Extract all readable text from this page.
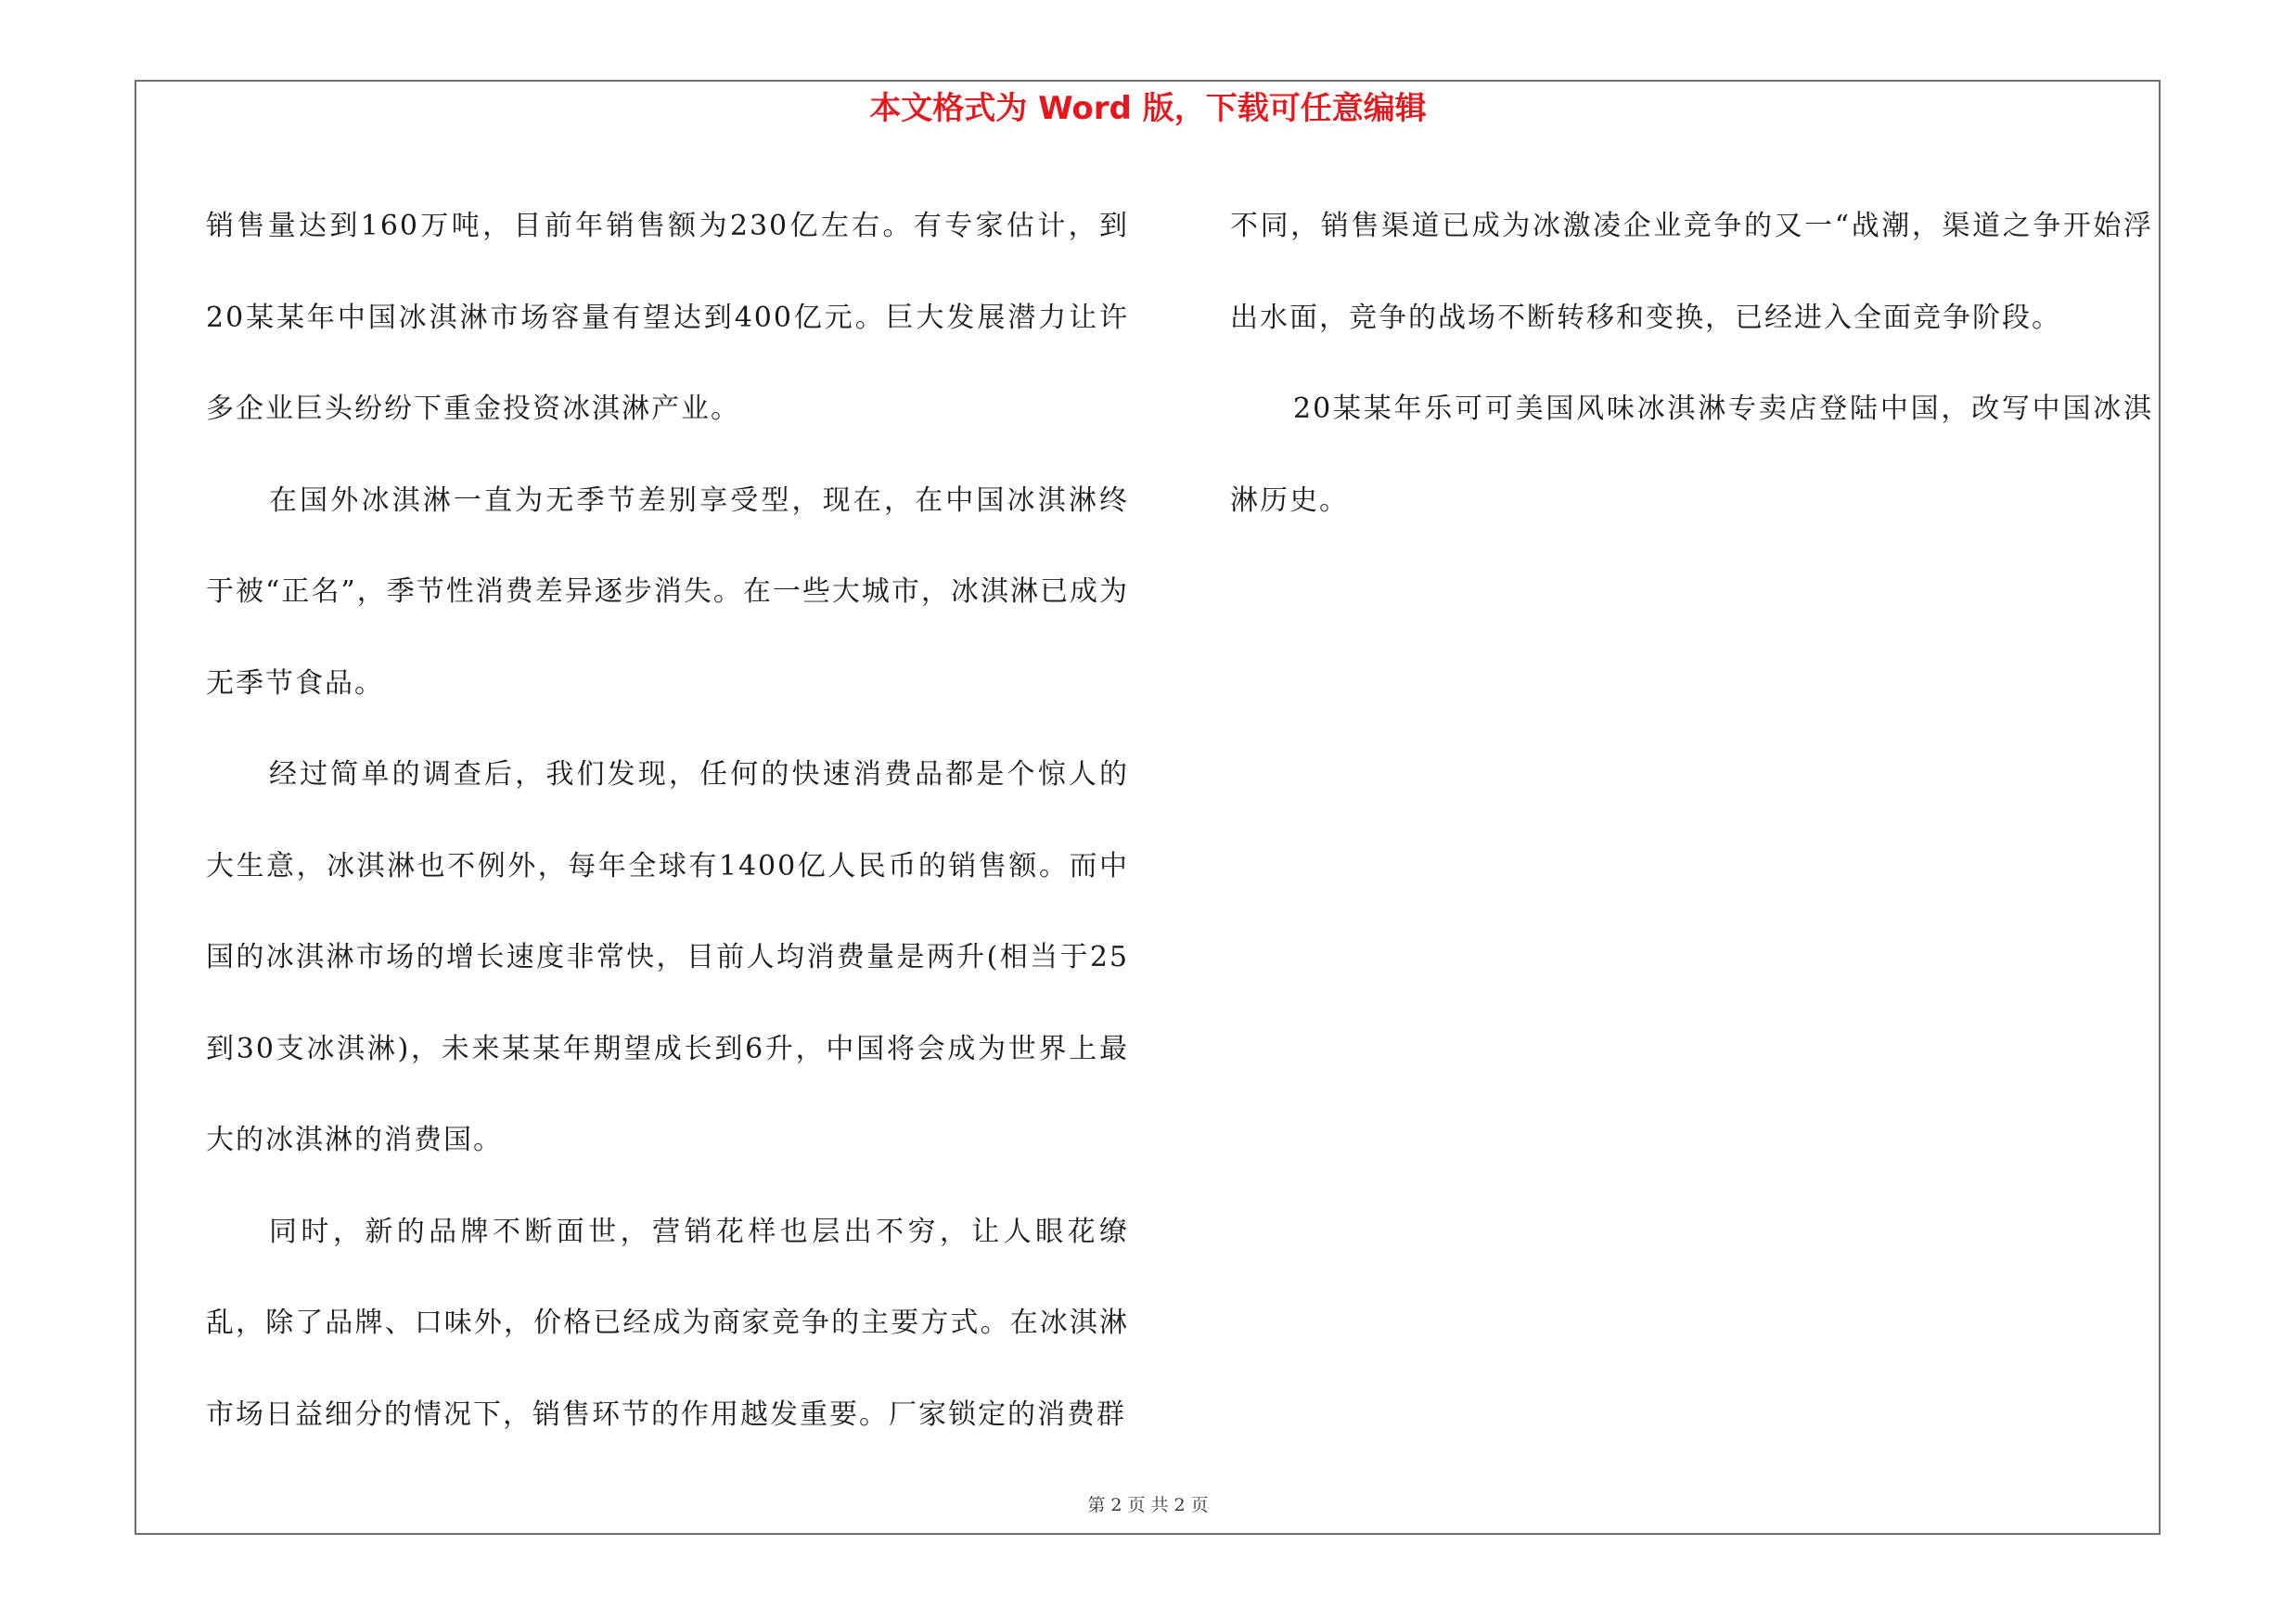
本文格式为 Word 版，下载可任意编辑

销售量达到160万吨，目前年销售额为230亿左右。有专家估计，到20某某年中国冰淇淋市场容量有望达到400亿元。巨大发展潜力让许多企业巨头纷纷下重金投资冰淇淋产业。

在国外冰淇淋一直为无季节差别享受型，现在，在中国冰淇淋终于被“正名”，季节性消费差异逐步消失。在一些大城市，冰淇淋已成为无季节食品。

经过简单的调查后，我们发现，任何的快速消费品都是个惊人的大生意，冰淇淋也不例外，每年全球有1400亿人民币的销售额。而中国的冰淇淋市场的增长速度非常快，目前人均消费量是两升(相当于25到30支冰淇淋)，未来某某年期望成长到6升，中国将会成为世界上最大的冰淇淋的消费国。

同时，新的品牌不断面世，营销花样也层出不穷，让人眼花缭乱，除了品牌、口味外，价格已经成为商家竞争的主要方式。在冰淇淋市场日益细分的情况下，销售环节的作用越发重要。厂家锁定的消费群

不同，销售渠道已成为冰激凌企业竞争的又一“战潮，渠道之争开始浮出水面，竞争的战场不断转移和变换，已经进入全面竞争阶段。

20某某年乐可可美国风味冰淇淋专卖店登陆中国，改写中国冰淇淋历史。

第 2 页 共 2 页
